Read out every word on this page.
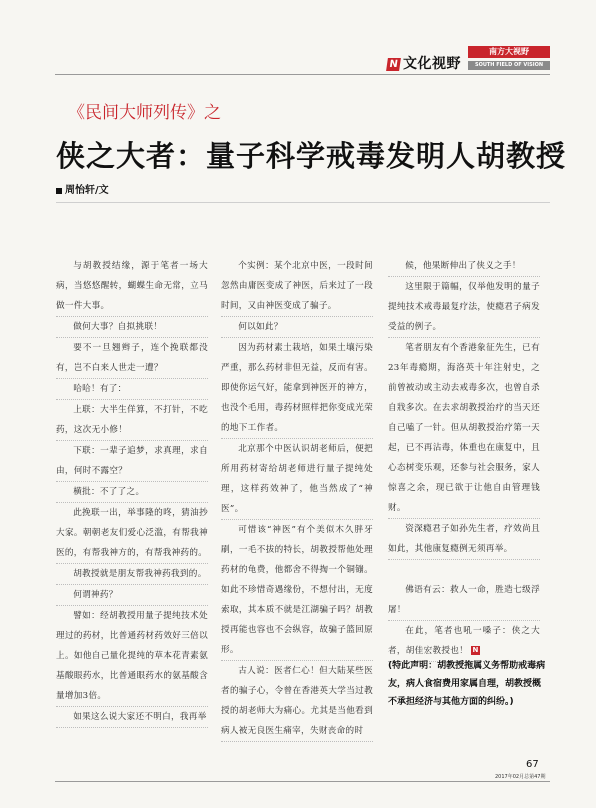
N 文化视野
南方大视野
SOUTH FIELD OF VISION
《民间大师列传》之
侠之大者：量子科学戒毒发明人胡教授
周怡轩/文

与胡教授结缘，源于笔者一场大病，当悠悠醒转，蝴蝶生命无常，立马做一件大事。

做何大事？自拟挑联！

要不一旦翘辫子，连个挽联都没有，岂不白来人世走一遭？

哈哈！有了：

上联：大半生佯算，不打针，不吃药，这次无小修！

下联：一辈子追梦，求真理，求自由，何时不露空？

横批：不了了之。

此挽联一出，举事隆的咚，猜油抄大家。朝朝老友们爱心泛滥，有帮我神医的，有帮我神方的，有帮我神药的。

胡教授就是朋友帮我神药我到的。

何谓神药？

譬如：经胡教授用量子提纯技术处理过的药材，比普通药材药效好三倍以上。如他自己量化提纯的草本花青素氨基酸眼药水，比普通眼药水的氨基酸含量增加3倍。

如果这么说大家还不明白，我再举

个实例：某个北京中医，一段时间忽然由庸医变成了神医，后来过了一段时间，又由神医变成了骗子。

何以如此？

因为药材素土栽培，如果土壤污染严重，那么药材非但无益，反而有害。即使你运气好，能拿到神医开的神方，也没个毛用，毒药材照样把你变成光荣的地下工作者。

北京那个中医认识胡老师后，便把所用药材寄给胡老师进行量子提纯处理，这样药效神了，他当然成了“神医”。

可惜该“神医”有个美似木久胖牙刷，一毛不拔的特长，胡教授帮他处理药材的龟费，他都舍不得掏一个铜镚。如此不珍惜奇遇缘份，不想付出，无度索取，其本质不就是江湖骗子吗？胡教授再能也容也不会纵容，故骗子篮回原形。

古人说：医者仁心！但大陆某些医者的骗子心，令曾在香港英大学当过教授的胡老师大为痛心。尤其是当他看到病人被无良医生痛宰，失财丧命的时

候，他果断伸出了侠义之手！

这里限于篇幅，仅举他发明的量子提纯技术戒毒最复疗法，使瘾君子病发受益的例子。

笔者朋友有个香港象征先生，已有23年毒瘾期，海洛英十年注射史，之前曾被动或主动去戒毒多次，也曾自杀自戕多次。在去求胡教授治疗的当天还自己嗑了一针。但从胡教授治疗第一天起，已不再沾毒，体重也在康复中，且心态树变乐观，还参与社会服务，家人惊喜之余，现已欲于让他自由管理钱财。

资深瘾君子如孙先生者，疗效尚且如此，其他康复瘾例无须再举。

佛语有云：救人一命，胜造七级浮屠！

在此，笔者也吼一嗓子：侠之大者，胡佳宏教授也！ N

(特此声明：胡教授拖属义务帮助戒毒病友，病人食宿费用家属自理，胡教授概不承担经济与其他方面的纠纷。)
67
2017年02月总第47期
